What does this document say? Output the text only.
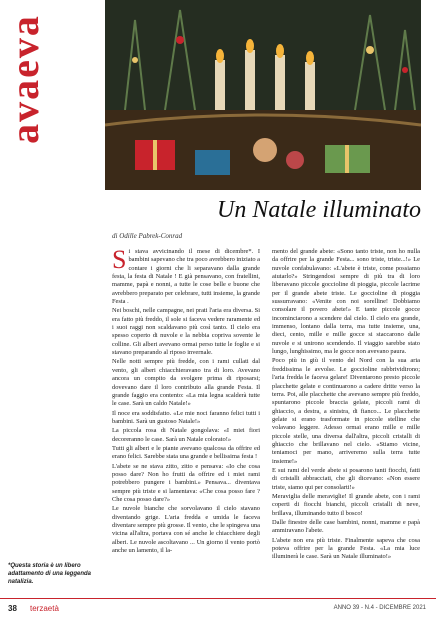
avaeva
Un Natale illuminato
di Odille Pabrek-Conrad

Si stava avvicinando il mese di dicembre*. I bambini sapevano che tra poco avrebbero iniziato a contare i giorni che li separavano dalla grande festa, la festa di Natale ! E già pensavano, con fratellini, mamme, papà e nonni, a tutte le cose belle e buone che avrebbero preparato per celebrare, tutti insieme, la grande Festa .

Nei boschi, nelle campagne, nei prati l'aria era diversa. Si era fatto più freddo, il sole si faceva vedere raramente ed i suoi raggi non scaldavano più così tanto. Il cielo era spesso coperto di nuvole e la nebbia copriva sovente le colline. Gli alberi avevano ormai perso tutte le foglie e si stavano preparando al riposo invernale.

Nelle notti sempre più fredde, con i rami cullati dal vento, gli alberi chiacchieravano tra di loro. Avevano ancora un compito da svolgere prima di riposarsi; dovevano dare il loro contributo alla grande Festa. Il grande faggio era contento: «La mia legna scalderà tutte le case. Sarà un caldo Natale!»

Il noce era soddisfatto. «Le mie noci faranno felici tutti i bambini. Sarà un gustoso Natale!»

La piccola rosa di Natale gongolava: «I miei fiori decoreranno le case. Sarà un Natale colorato!»

Tutti gli alberi e le piante avevano qualcosa da offrire ed erano felici. Sarebbe stata una grande e bellissima festa !

L'abete se ne stava zitto, zitto e pensava: «Io che cosa posso dare? Non ho frutti da offrire ed i miei rami potrebbero pungere i bambini.» Pensava... diventava sempre più triste e si lamentava: «Che cosa posso fare ? Che cosa posso dare?»

Le nuvole bianche che sorvolavano il cielo stavano diventando grige. L'aria fredda e umida le faceva diventare sempre più grosse. Il vento, che le spingeva una vicina all'altra, portava con sé anche le chiacchiere degli alberi. Le nuvole ascoltavano ... Un giorno il vento portò anche un lamento, il la-

mento del grande abete: «Sono tanto triste, non ho nulla da offrire per la grande Festa... sono triste, triste...!» Le nuvole confabulavano: «L'abete è triste, come possiamo aiutarlo?» Stringendosi sempre di più tra di loro liberavano piccole goccioline di pioggia, piccole lacrime per il grande abete triste. Le goccioline di pioggia sussurravano: «Venite con noi sorelline! Dobbiamo consolare il povero abete!» E tante piccole gocce incominciarono a scendere dal cielo. Il cielo era grande, immenso, lontano dalla terra, ma tutte insieme, una, dieci, cento, mille e mille gocce si staccarono dalle nuvole e si unirono scendendo. Il viaggio sarebbe stato lungo, lunghissimo, ma le gocce non avevano paura.

Poco più in giù il vento del Nord con la sua aria freddissima le avvolse. Le goccioline rabbrividirono; l'aria fredda le faceva gelare! Diventarono presto piccole placchette gelate e continuarono a cadere dritte verso la terra. Poi, alle placchette che avevano sempre più freddo, spuntarono piccole braccia gelate, piccoli rami di ghiaccio, a destra, a sinistra, di fianco... Le placchette gelate si erano trasformate in piccole stelline che volavano leggere. Adesso ormai erano mille e mille piccole stelle, una diversa dall'altra, piccoli cristalli di ghiaccio che brillavano nel cielo. «Stiamo vicine, teniamoci per mano, arriveremo sulla terra tutte insieme!»

E sui rami del verde abete si posarono tanti fiocchi, fatti di cristalli abbracciati, che gli dicevano: «Non essere triste, siamo qui per consolarti!»

Meraviglia delle meraviglie! Il grande abete, con i rami coperti di fiocchi bianchi, piccoli cristalli di neve, brillava, illuminando tutto il bosco!

Dalle finestre delle case bambini, nonni, mamme e papà ammiravano l'abete.

L'abete non era più triste. Finalmente sapeva che cosa poteva offrire per la grande Festa. «La mia luce illuminerà le case. Sarà un Natale illuminato!»

*Questa storia è un libero adattamento di una leggenda natalizia.
38 terzaetà	ANNO 39 - N.4 - DICEMBRE 2021
